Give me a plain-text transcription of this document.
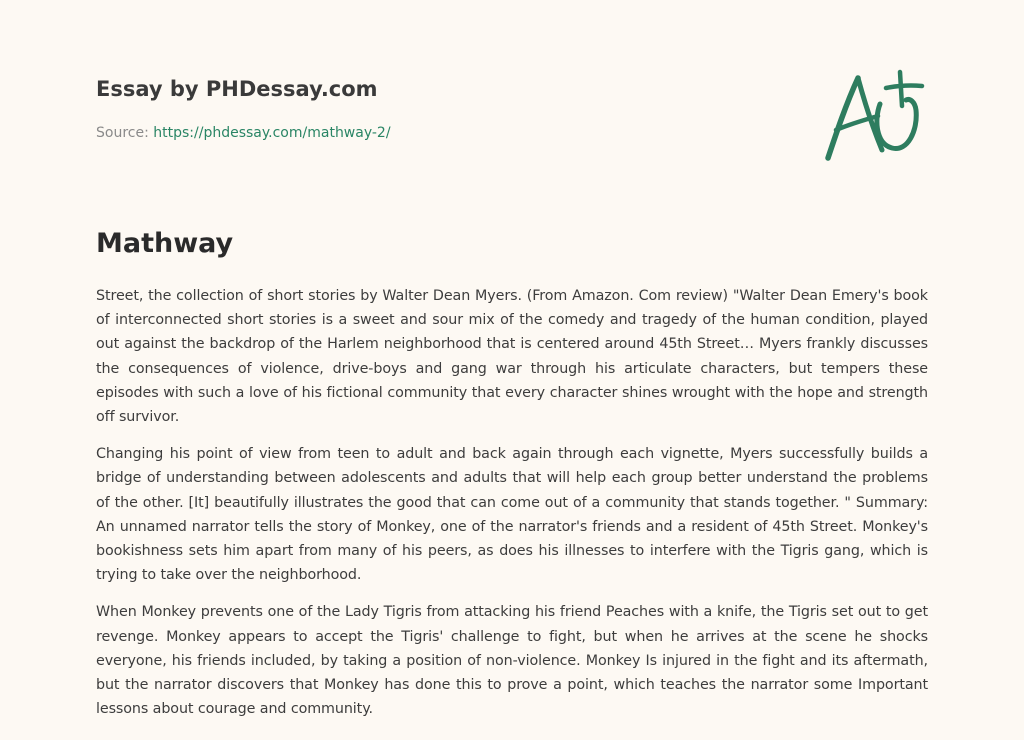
Essay by PHDessay.com
Source: https://phdessay.com/mathway-2/
Mathway

Street, the collection of short stories by Walter Dean Myers. (From Amazon. Com review) "Walter Dean Emery's book of interconnected short stories is a sweet and sour mix of the comedy and tragedy of the human condition, played out against the backdrop of the Harlem neighborhood that is centered around 45th Street… Myers frankly discusses the consequences of violence, drive-boys and gang war through his articulate characters, but tempers these episodes with such a love of his fictional community that every character shines wrought with the hope and strength off survivor.

Changing his point of view from teen to adult and back again through each vignette, Myers successfully builds a bridge of understanding between adolescents and adults that will help each group better understand the problems of the other. [It] beautifully illustrates the good that can come out of a community that stands together. " Summary: An unnamed narrator tells the story of Monkey, one of the narrator's friends and a resident of 45th Street. Monkey's bookishness sets him apart from many of his peers, as does his illnesses to interfere with the Tigris gang, which is trying to take over the neighborhood.

When Monkey prevents one of the Lady Tigris from attacking his friend Peaches with a knife, the Tigris set out to get revenge. Monkey appears to accept the Tigris' challenge to fight, but when he arrives at the scene he shocks everyone, his friends included, by taking a position of non-violence. Monkey Is injured in the fight and its aftermath, but the narrator discovers that Monkey has done this to prove a point, which teaches the narrator some Important lessons about courage and community.
